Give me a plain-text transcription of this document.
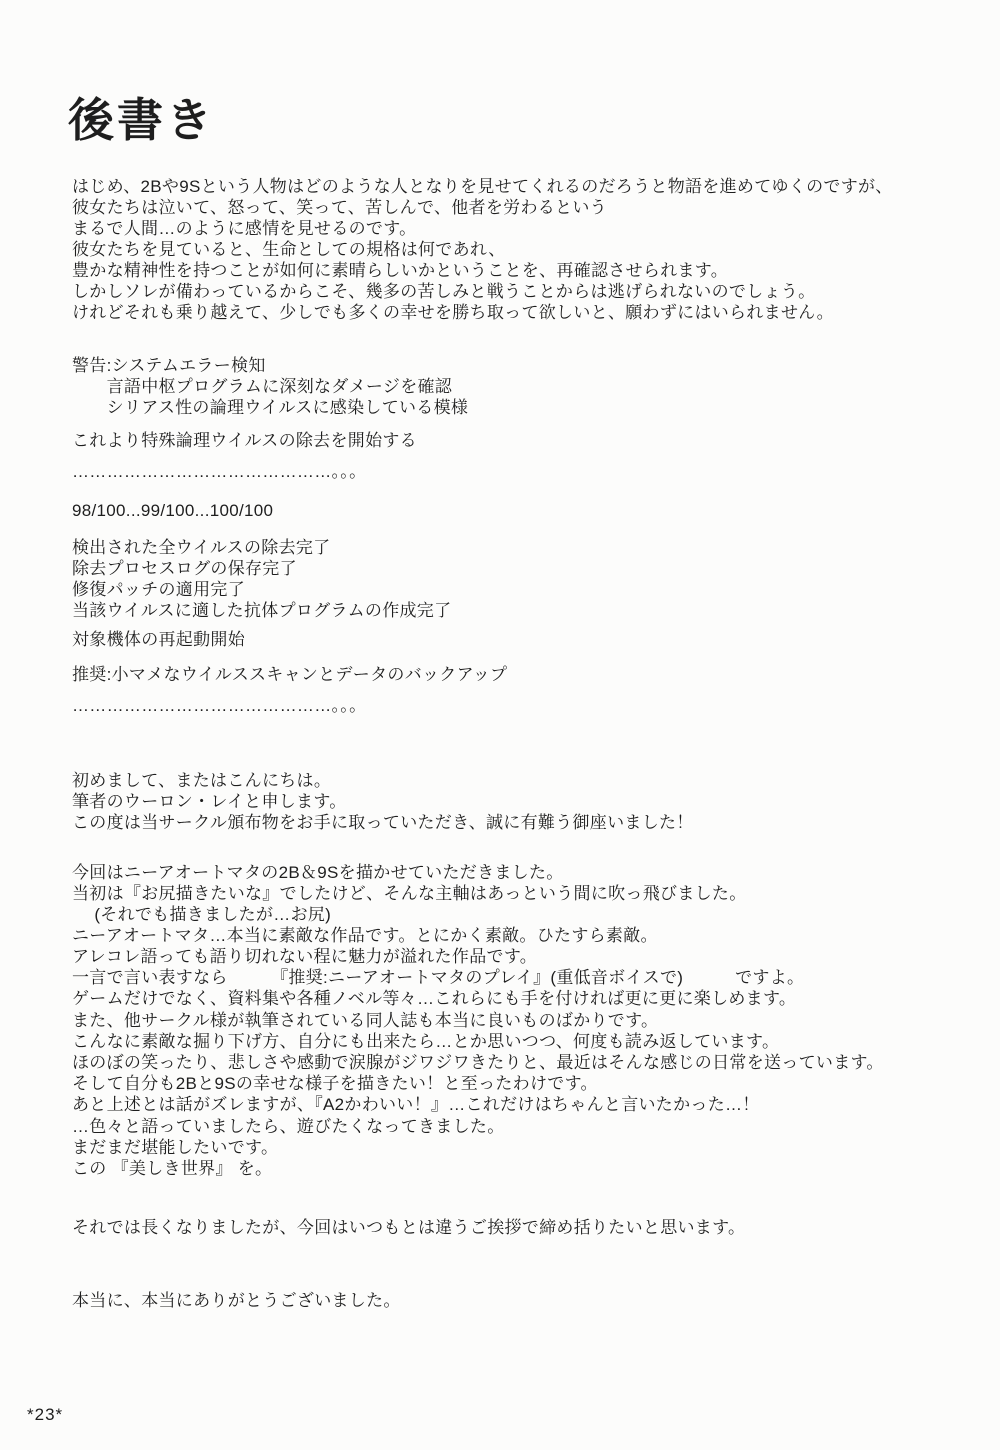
後書き
はじめ、2Bや9Sという人物はどのような人となりを見せてくれるのだろうと物語を進めてゆくのですが、
彼女たちは泣いて、怒って、笑って、苦しんで、他者を労わるという
まるで人間…のように感情を見せるのです。
彼女たちを見ていると、生命としての規格は何であれ、
豊かな精神性を持つことが如何に素晴らしいかということを、再確認させられます。
しかしソレが備わっているからこそ、幾多の苦しみと戦うことからは逃げられないのでしょう。
けれどそれも乗り越えて、少しでも多くの幸せを勝ち取って欲しいと、願わずにはいられません。
警告:システムエラー検知
　　言語中枢プログラムに深刻なダメージを確認
　　シリアス性の論理ウイルスに感染している模様
これより特殊論理ウイルスの除去を開始する
………………………………………。。。
98/100...99/100...100/100
検出された全ウイルスの除去完了
除去プロセスログの保存完了
修復パッチの適用完了
当該ウイルスに適した抗体プログラムの作成完了
対象機体の再起動開始
推奨:小マメなウイルススキャンとデータのバックアップ
………………………………………。。。
初めまして、またはこんにちは。
筆者のウーロン・レイと申します。
この度は当サークル頒布物をお手に取っていただき、誠に有難う御座いました！
今回はニーアオートマタの2B＆9Sを描かせていただきました。
当初は『お尻描きたいな』でしたけど、そんな主軸はあっという間に吹っ飛びました。
　 (それでも描きましたが…お尻)
ニーアオートマタ…本当に素敵な作品です。とにかく素敵。ひたすら素敵。
アレコレ語っても語り切れない程に魅力が溢れた作品です。
一言で言い表すなら　　　『推奨:ニーアオートマタのプレイ』(重低音ボイスで)　　　ですよ。
ゲームだけでなく、資料集や各種ノベル等々…これらにも手を付ければ更に更に楽しめます。
また、他サークル様が執筆されている同人誌も本当に良いものばかりです。
こんなに素敵な掘り下げ方、自分にも出来たら…とか思いつつ、何度も読み返しています。
ほのぼの笑ったり、悲しさや感動で涙腺がジワジワきたりと、最近はそんな感じの日常を送っています。
そして自分も2Bと9Sの幸せな様子を描きたい！と至ったわけです。
あと上述とは話がズレますが、『A2かわいい！』…これだけはちゃんと言いたかった…！
…色々と語っていましたら、遊びたくなってきました。
まだまだ堪能したいです。
この 『美しき世界』 を。
それでは長くなりましたが、今回はいつもとは違うご挨拶で締め括りたいと思います。
本当に、本当にありがとうございました。
*23*
